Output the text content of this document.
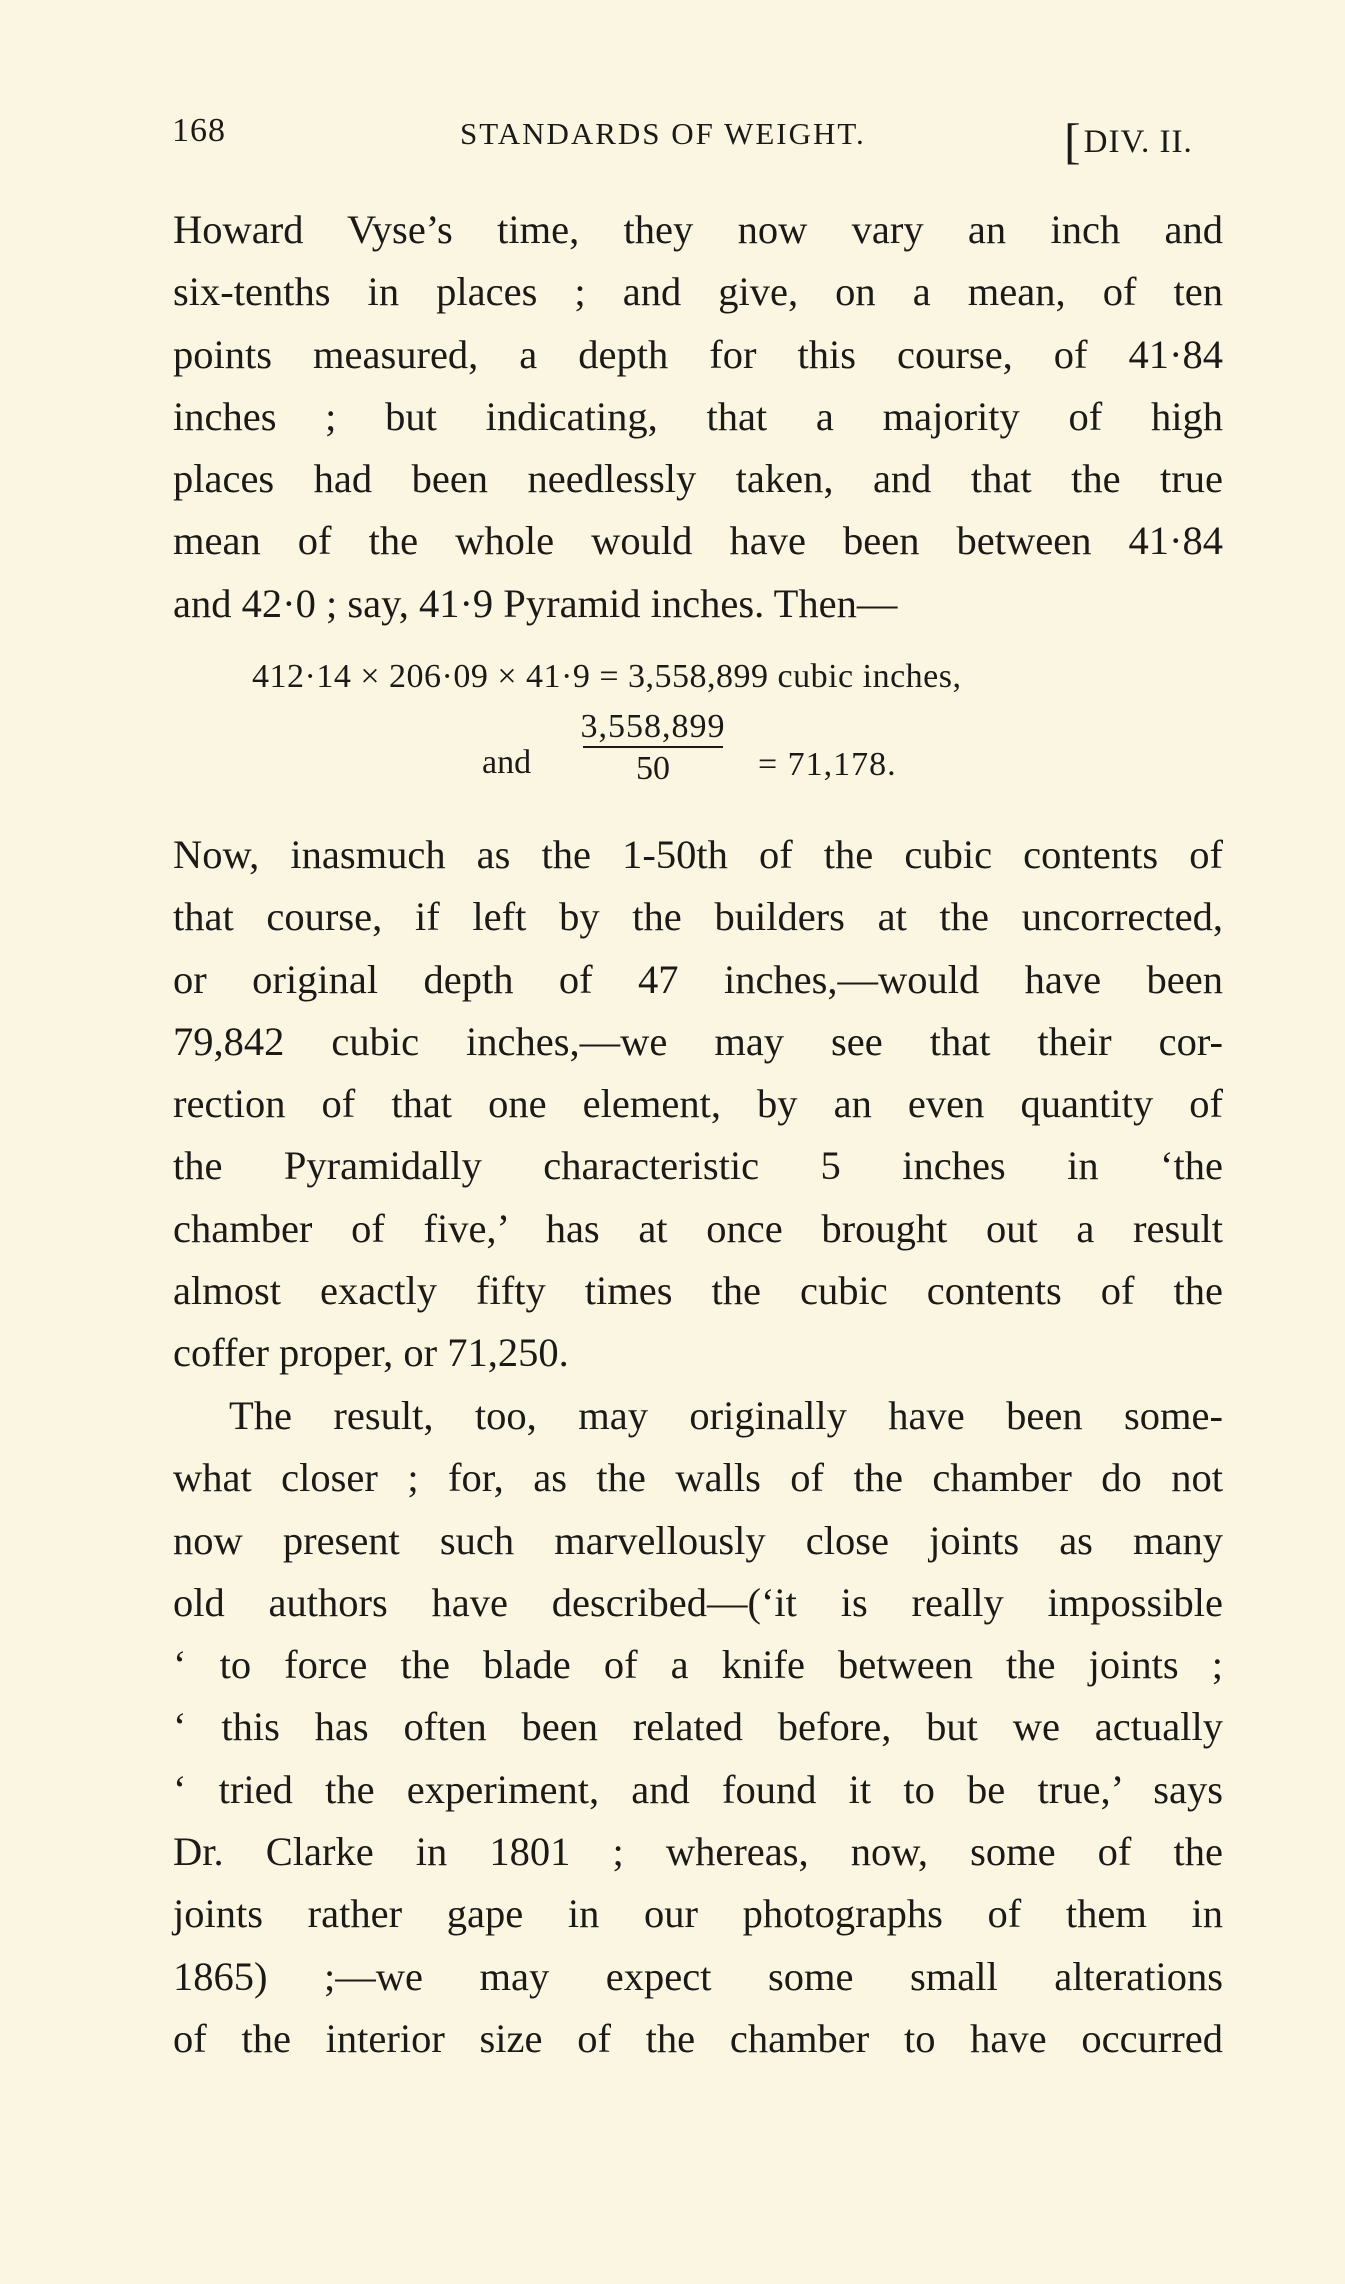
168	STANDARDS OF WEIGHT.	[DIV. II.
Howard Vyse’s time, they now vary an inch and
six-tenths in places ; and give, on a mean, of ten
points measured, a depth for this course, of 41·84
inches ; but indicating, that a majority of high
places had been needlessly taken, and that the true
mean of the whole would have been between 41·84
and 42·0 ; say, 41·9 Pyramid inches. Then—
412·14 × 206·09 × 41·9 = 3,558,899 cubic inches,
and
3,558,899
50	= 71,178.
Now, inasmuch as the 1-50th of the cubic contents of
that course, if left by the builders at the uncorrected,
or original depth of 47 inches,—would have been
79,842 cubic inches,—we may see that their cor-
rection of that one element, by an even quantity of
the Pyramidally characteristic 5 inches in ‘the
chamber of five,’ has at once brought out a result
almost exactly fifty times the cubic contents of the
coffer proper, or 71,250.
The result, too, may originally have been some-
what closer ; for, as the walls of the chamber do not
now present such marvellously close joints as many
old authors have described—(‘it is really impossible
‘ to force the blade of a knife between the joints ;
‘ this has often been related before, but we actually
‘ tried the experiment, and found it to be true,’ says
Dr. Clarke in 1801 ; whereas, now, some of the
joints rather gape in our photographs of them in
1865) ;—we may expect some small alterations
of the interior size of the chamber to have occurred
